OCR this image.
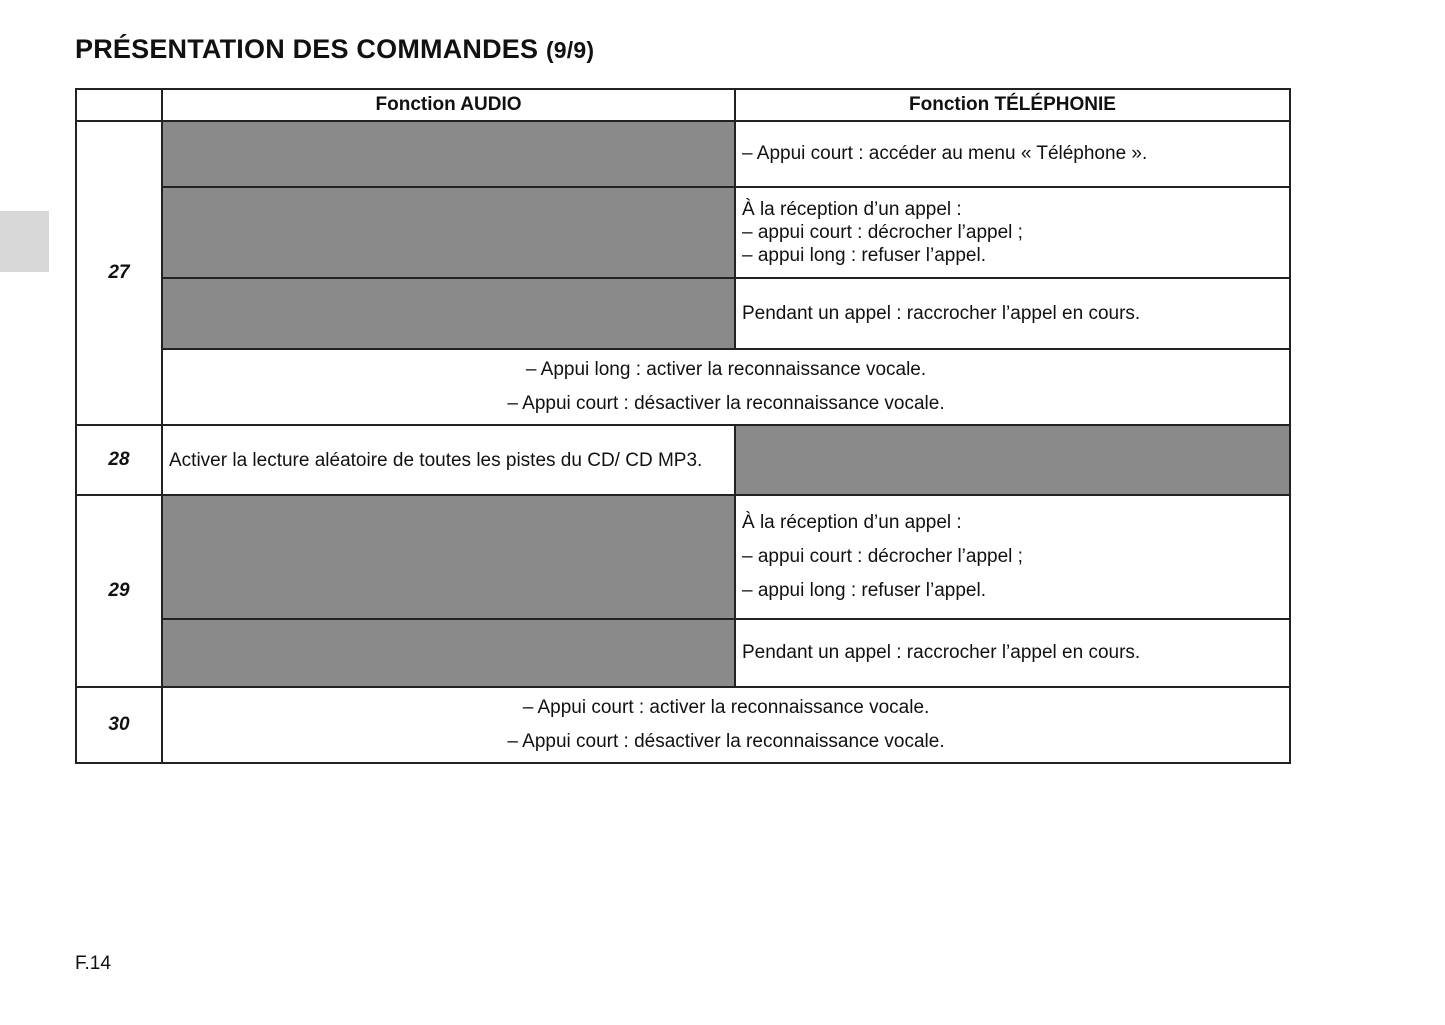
PRÉSENTATION DES COMMANDES (9/9)
	Fonction AUDIO	Fonction TÉLÉPHONIE
27		– Appui court : accéder au menu « Téléphone ».

		À la réception d’un appel :
– appui court : décrocher l’appel ;
– appui long : refuser l’appel.

		Pendant un appel : raccrocher l’appel en cours.

	– Appui long : activer la reconnaissance vocale.
– Appui court : désactiver la reconnaissance vocale.	

28	Activer la lecture aléatoire de toutes les pistes du CD/ CD MP3.	
29		À la réception d’un appel :
– appui court : décrocher l’appel ;
– appui long : refuser l’appel.

		Pendant un appel : raccrocher l’appel en cours.
30	– Appui court : activer la reconnaissance vocale.
– Appui court : désactiver la reconnaissance vocale.	
F.14
